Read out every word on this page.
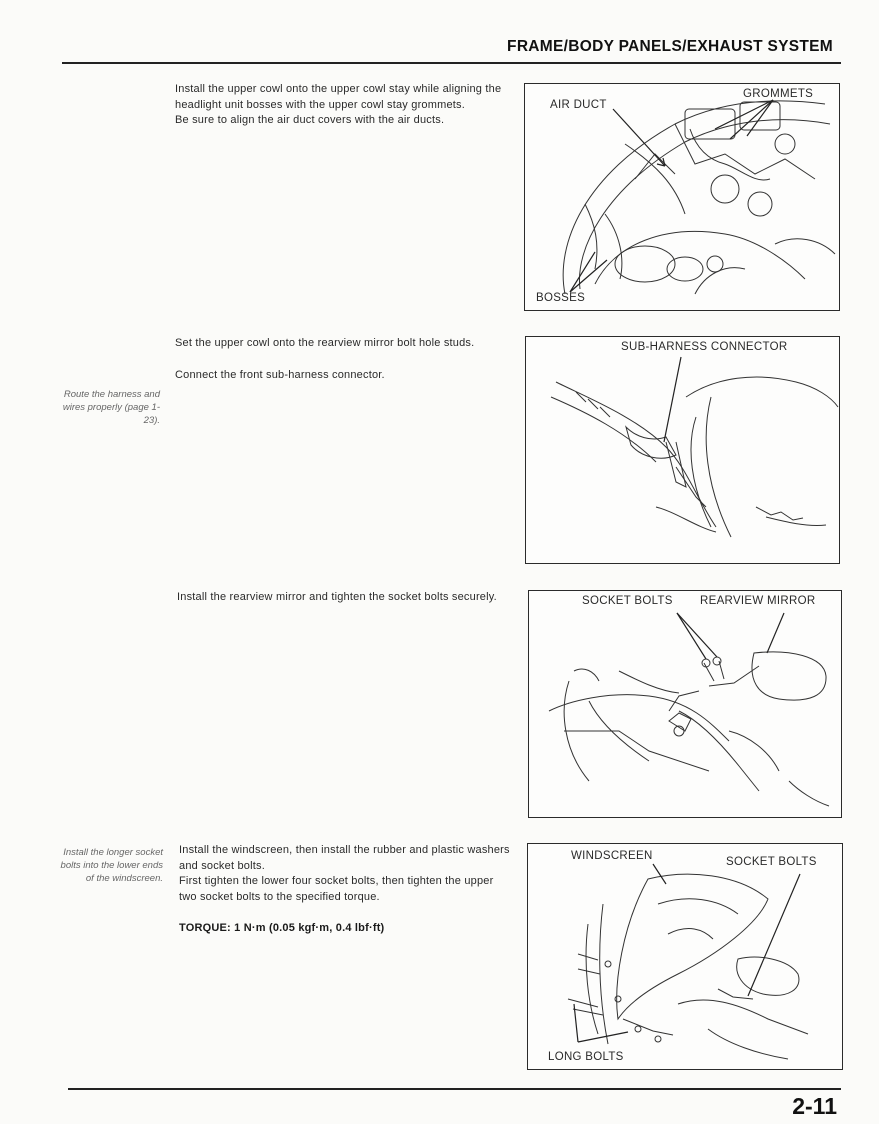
FRAME/BODY PANELS/EXHAUST SYSTEM

Install the upper cowl onto the upper cowl stay while aligning the headlight unit bosses with the upper cowl stay grommets.

Be sure to align the air duct covers with the air ducts.

AIR DUCT
GROMMETS
BOSSES
Route the harness and wires properly (page 1-23).

Set the upper cowl onto the rearview mirror bolt hole studs.

Connect the front sub-harness connector.

SUB-HARNESS CONNECTOR

Install the rearview mirror and tighten the socket bolts securely.	SOCKET BOLTS REARVIEW MIRROR
Install the longer socket bolts into the lower ends of the windscreen.

Install the windscreen, then install the rubber and plastic washers and socket bolts.

First tighten the lower four socket bolts, then tighten the upper two socket bolts to the specified torque.

TORQUE: 1 N·m (0.05 kgf·m, 0.4 lbf·ft)

WINDSCREEN	SOCKET BOLTS
LONG BOLTS
2-11
